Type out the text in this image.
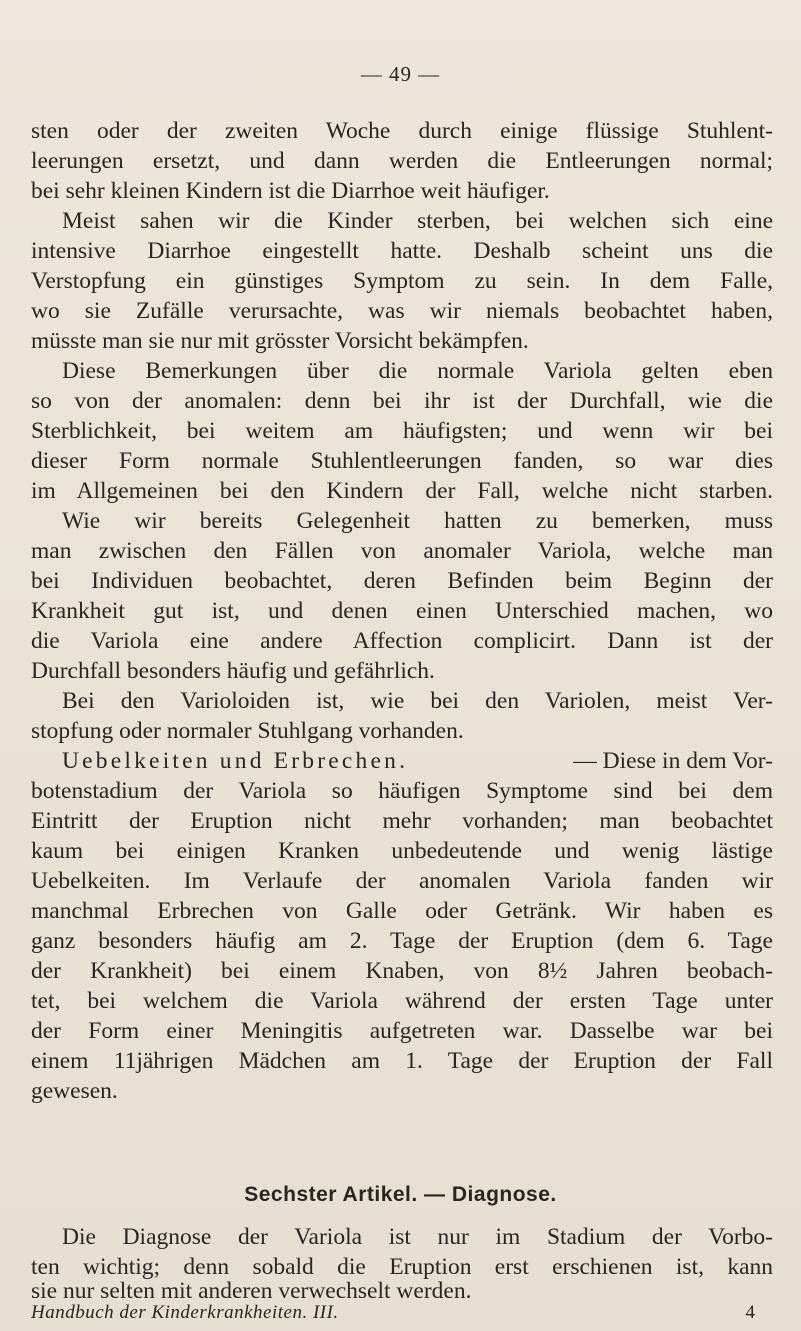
— 49 —
sten oder der zweiten Woche durch einige flüssige Stuhlent-
leerungen ersetzt, und dann werden die Entleerungen normal;
bei sehr kleinen Kindern ist die Diarrhoe weit häufiger.
Meist sahen wir die Kinder sterben, bei welchen sich eine
intensive Diarrhoe eingestellt hatte. Deshalb scheint uns die
Verstopfung ein günstiges Symptom zu sein. In dem Falle,
wo sie Zufälle verursachte, was wir niemals beobachtet haben,
müsste man sie nur mit grösster Vorsicht bekämpfen.
Diese Bemerkungen über die normale Variola gelten eben
so von der anomalen: denn bei ihr ist der Durchfall, wie die
Sterblichkeit, bei weitem am häufigsten; und wenn wir bei
dieser Form normale Stuhlentleerungen fanden, so war dies
im Allgemeinen bei den Kindern der Fall, welche nicht starben.
Wie wir bereits Gelegenheit hatten zu bemerken, muss
man zwischen den Fällen von anomaler Variola, welche man
bei Individuen beobachtet, deren Befinden beim Beginn der
Krankheit gut ist, und denen einen Unterschied machen, wo
die Variola eine andere Affection complicirt. Dann ist der
Durchfall besonders häufig und gefährlich.
Bei den Varioloiden ist, wie bei den Variolen, meist Ver-
stopfung oder normaler Stuhlgang vorhanden.
Uebelkeiten und Erbrechen.	— Diese in dem Vor-
botenstadium der Variola so häufigen Symptome sind bei dem
Eintritt der Eruption nicht mehr vorhanden; man beobachtet
kaum bei einigen Kranken unbedeutende und wenig lästige
Uebelkeiten. Im Verlaufe der anomalen Variola fanden wir
manchmal Erbrechen von Galle oder Getränk. Wir haben es
ganz besonders häufig am 2. Tage der Eruption (dem 6. Tage
der Krankheit) bei einem Knaben, von 8½ Jahren beobach-
tet, bei welchem die Variola während der ersten Tage unter
der Form einer Meningitis aufgetreten war. Dasselbe war bei
einem 11jährigen Mädchen am 1. Tage der Eruption der Fall
gewesen.
Sechster Artikel. — Diagnose.
Die Diagnose der Variola ist nur im Stadium der Vorbo-
ten wichtig; denn sobald die Eruption erst erschienen ist, kann
sie nur selten mit anderen verwechselt werden.
Handbuch der Kinderkrankheiten. III.	4
